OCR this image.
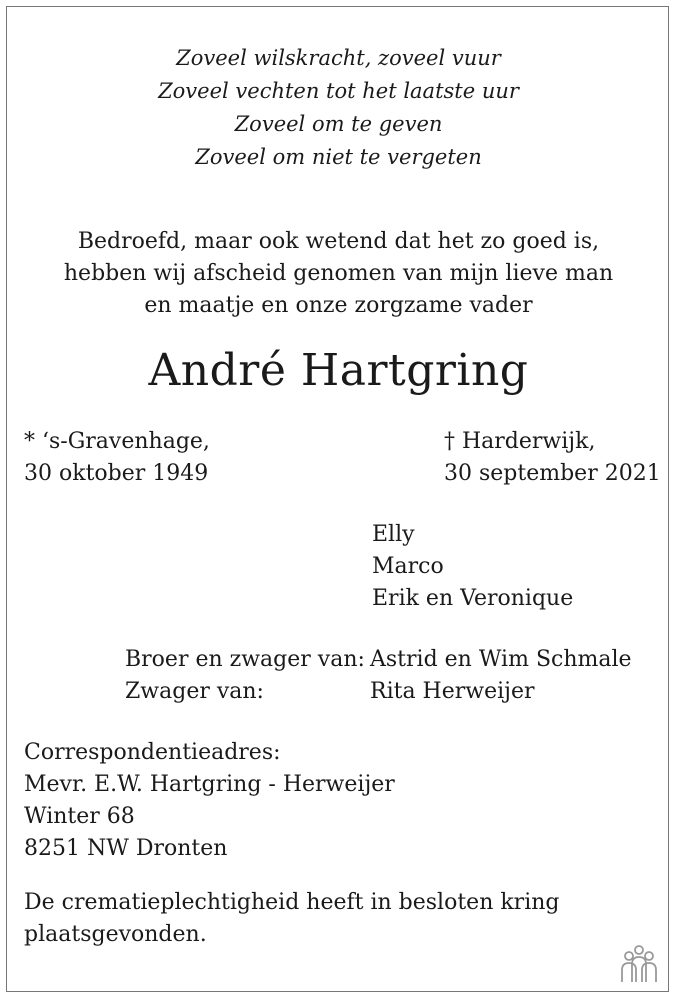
Zoveel wilskracht, zoveel vuur
Zoveel vechten tot het laatste uur
Zoveel om te geven
Zoveel om niet te vergeten
Bedroefd, maar ook wetend dat het zo goed is,
hebben wij afscheid genomen van mijn lieve man
en maatje en onze zorgzame vader
André Hartgring
* ‘s-Gravenhage,
30 oktober 1949
† Harderwijk,
30 september 2021
Elly
Marco
Erik en Veronique
Broer en zwager van:
Zwager van:
Astrid en Wim Schmale
Rita Herweijer
Correspondentieadres:
Mevr. E.W. Hartgring - Herweijer
Winter 68
8251 NW Dronten
De crematieplechtigheid heeft in besloten kring
plaatsgevonden.
